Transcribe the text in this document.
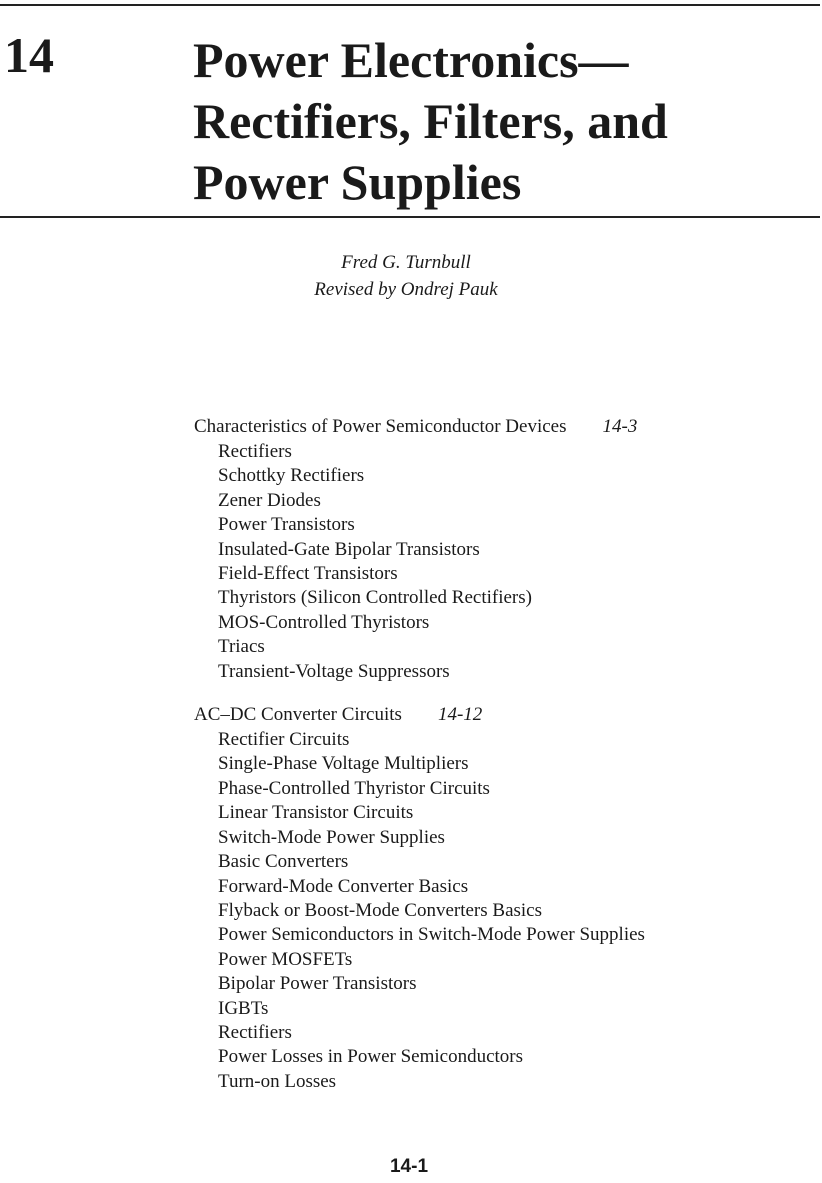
14	Power Electronics—
Rectifiers, Filters, and
Power Supplies
Fred G. Turnbull
Revised by Ondrej Pauk
Characteristics of Power Semiconductor Devices 14-3
Rectifiers
Schottky Rectifiers
Zener Diodes
Power Transistors
Insulated-Gate Bipolar Transistors
Field-Effect Transistors
Thyristors (Silicon Controlled Rectifiers)
MOS-Controlled Thyristors
Triacs
Transient-Voltage Suppressors
AC–DC Converter Circuits 14-12
Rectifier Circuits
Single-Phase Voltage Multipliers
Phase-Controlled Thyristor Circuits
Linear Transistor Circuits
Switch-Mode Power Supplies
Basic Converters
Forward-Mode Converter Basics
Flyback or Boost-Mode Converters Basics
Power Semiconductors in Switch-Mode Power Supplies
Power MOSFETs
Bipolar Power Transistors
IGBTs
Rectifiers
Power Losses in Power Semiconductors
Turn-on Losses
14-1
